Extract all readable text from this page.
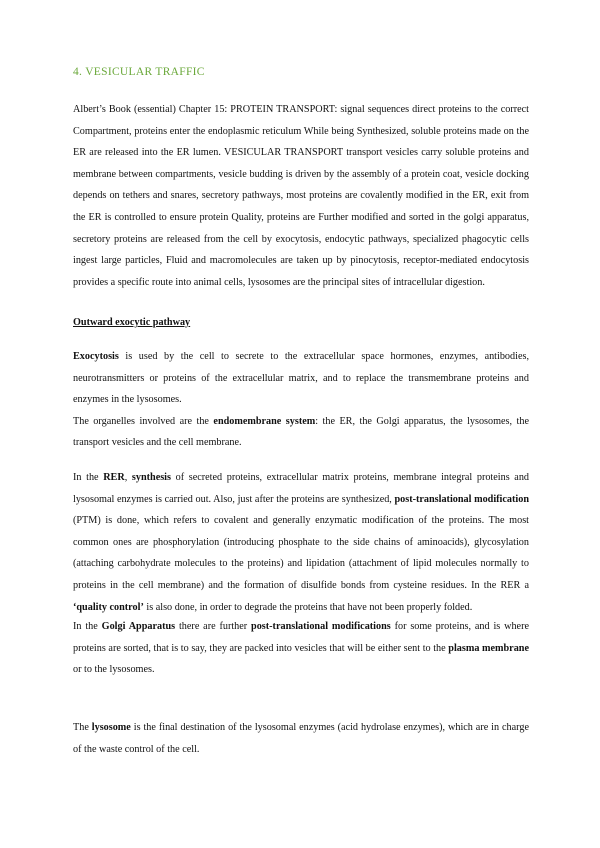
4. VESICULAR TRAFFIC

Albert’s Book (essential) Chapter 15: PROTEIN TRANSPORT: signal sequences direct proteins to the correct Compartment, proteins enter the endoplasmic reticulum While being Synthesized, soluble proteins made on the ER are released into the ER lumen. VESICULAR TRANSPORT transport vesicles carry soluble proteins and membrane between compartments, vesicle budding is driven by the assembly of a protein coat, vesicle docking depends on tethers and snares, secretory pathways, most proteins are covalently modified in the ER, exit from the ER is controlled to ensure protein Quality, proteins are Further modified and sorted in the golgi apparatus, secretory proteins are released from the cell by exocytosis, endocytic pathways, specialized phagocytic cells ingest large particles, Fluid and macromolecules are taken up by pinocytosis, receptor-mediated endocytosis provides a specific route into animal cells, lysosomes are the principal sites of intracellular digestion.

Outward exocytic pathway

Exocytosis is used by the cell to secrete to the extracellular space hormones, enzymes, antibodies, neurotransmitters or proteins of the extracellular matrix, and to replace the transmembrane proteins and enzymes in the lysosomes.

The organelles involved are the endomembrane system: the ER, the Golgi apparatus, the lysosomes, the transport vesicles and the cell membrane.

In the RER, synthesis of secreted proteins, extracellular matrix proteins, membrane integral proteins and lysosomal enzymes is carried out. Also, just after the proteins are synthesized, post-translational modification (PTM) is done, which refers to covalent and generally enzymatic modification of the proteins. The most common ones are phosphorylation (introducing phosphate to the side chains of aminoacids), glycosylation (attaching carbohydrate molecules to the proteins) and lipidation (attachment of lipid molecules normally to proteins in the cell membrane) and the formation of disulfide bonds from cysteine residues. In the RER a ‘quality control’ is also done, in order to degrade the proteins that have not been properly folded.

In the Golgi Apparatus there are further post-translational modifications for some proteins, and is where proteins are sorted, that is to say, they are packed into vesicles that will be either sent to the plasma membrane or to the lysosomes.

The lysosome is the final destination of the lysosomal enzymes (acid hydrolase enzymes), which are in charge of the waste control of the cell.
